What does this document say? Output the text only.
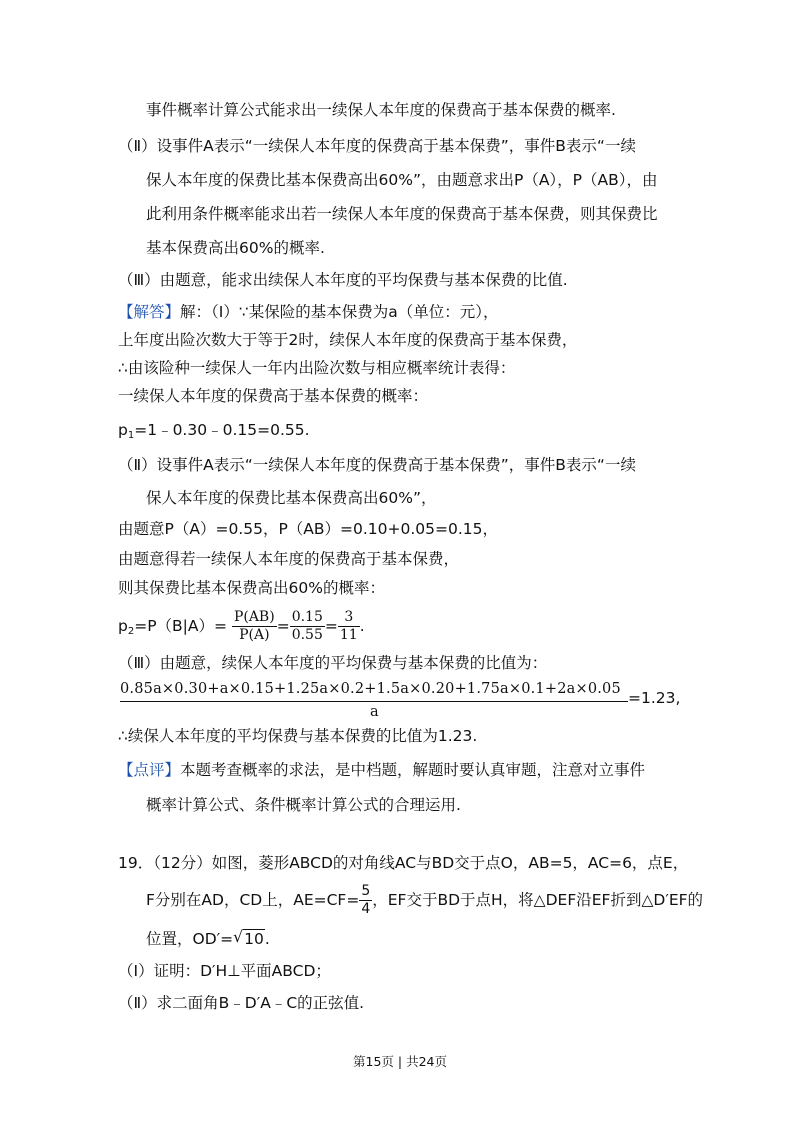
事件概率计算公式能求出一续保人本年度的保费高于基本保费的概率.
（Ⅱ）设事件A表示“一续保人本年度的保费高于基本保费”，事件B表示“一续
保人本年度的保费比基本保费高出60%”，由题意求出P（A），P（AB），由
此利用条件概率能求出若一续保人本年度的保费高于基本保费，则其保费比
基本保费高出60%的概率.
（Ⅲ）由题意，能求出续保人本年度的平均保费与基本保费的比值.
【解答】解：（Ⅰ）∵某保险的基本保费为a（单位：元），
上年度出险次数大于等于2时，续保人本年度的保费高于基本保费，
∴由该险种一续保人一年内出险次数与相应概率统计表得：
一续保人本年度的保费高于基本保费的概率：
$p_1=1﹣0.30﹣0.15=0.55$.
（Ⅱ）设事件A表示“一续保人本年度的保费高于基本保费”，事件B表示“一续
保人本年度的保费比基本保费高出60%”，
由题意P（A）=0.55，P（AB）=0.10+0.05=0.15，
由题意得若一续保人本年度的保费高于基本保费，
则其保费比基本保费高出60%的概率：
$p_2=P(B|A)= \frac{P(AB)}{P(A)} = \frac{0.15}{0.55} = \frac{3}{11}$ .
（Ⅲ）由题意，续保人本年度的平均保费与基本保费的比值为：
0.85a×0.30+a×0.15+1.25a×0.2+1.5a×0.20+1.75a×0.1+2a×0.05
a
=1.23,
∴续保人本年度的平均保费与基本保费的比值为1.23.
【点评】本题考查概率的求法，是中档题，解题时要认真审题，注意对立事件
概率计算公式、条件概率计算公式的合理运用.
19．（12分）如图，菱形ABCD的对角线AC与BD交于点O，AB=5，AC=6，点E，
F分别在AD，CD上，$AE=CF= \frac{5}{4}$ ，EF交于BD于点H，将△DEF沿EF折到△D′EF的
位置，OD′= √ 10.
（Ⅰ）证明：D′H⊥平面ABCD；
（Ⅱ）求二面角B﹣D′A﹣C的正弦值.
第15页 | 共24页
